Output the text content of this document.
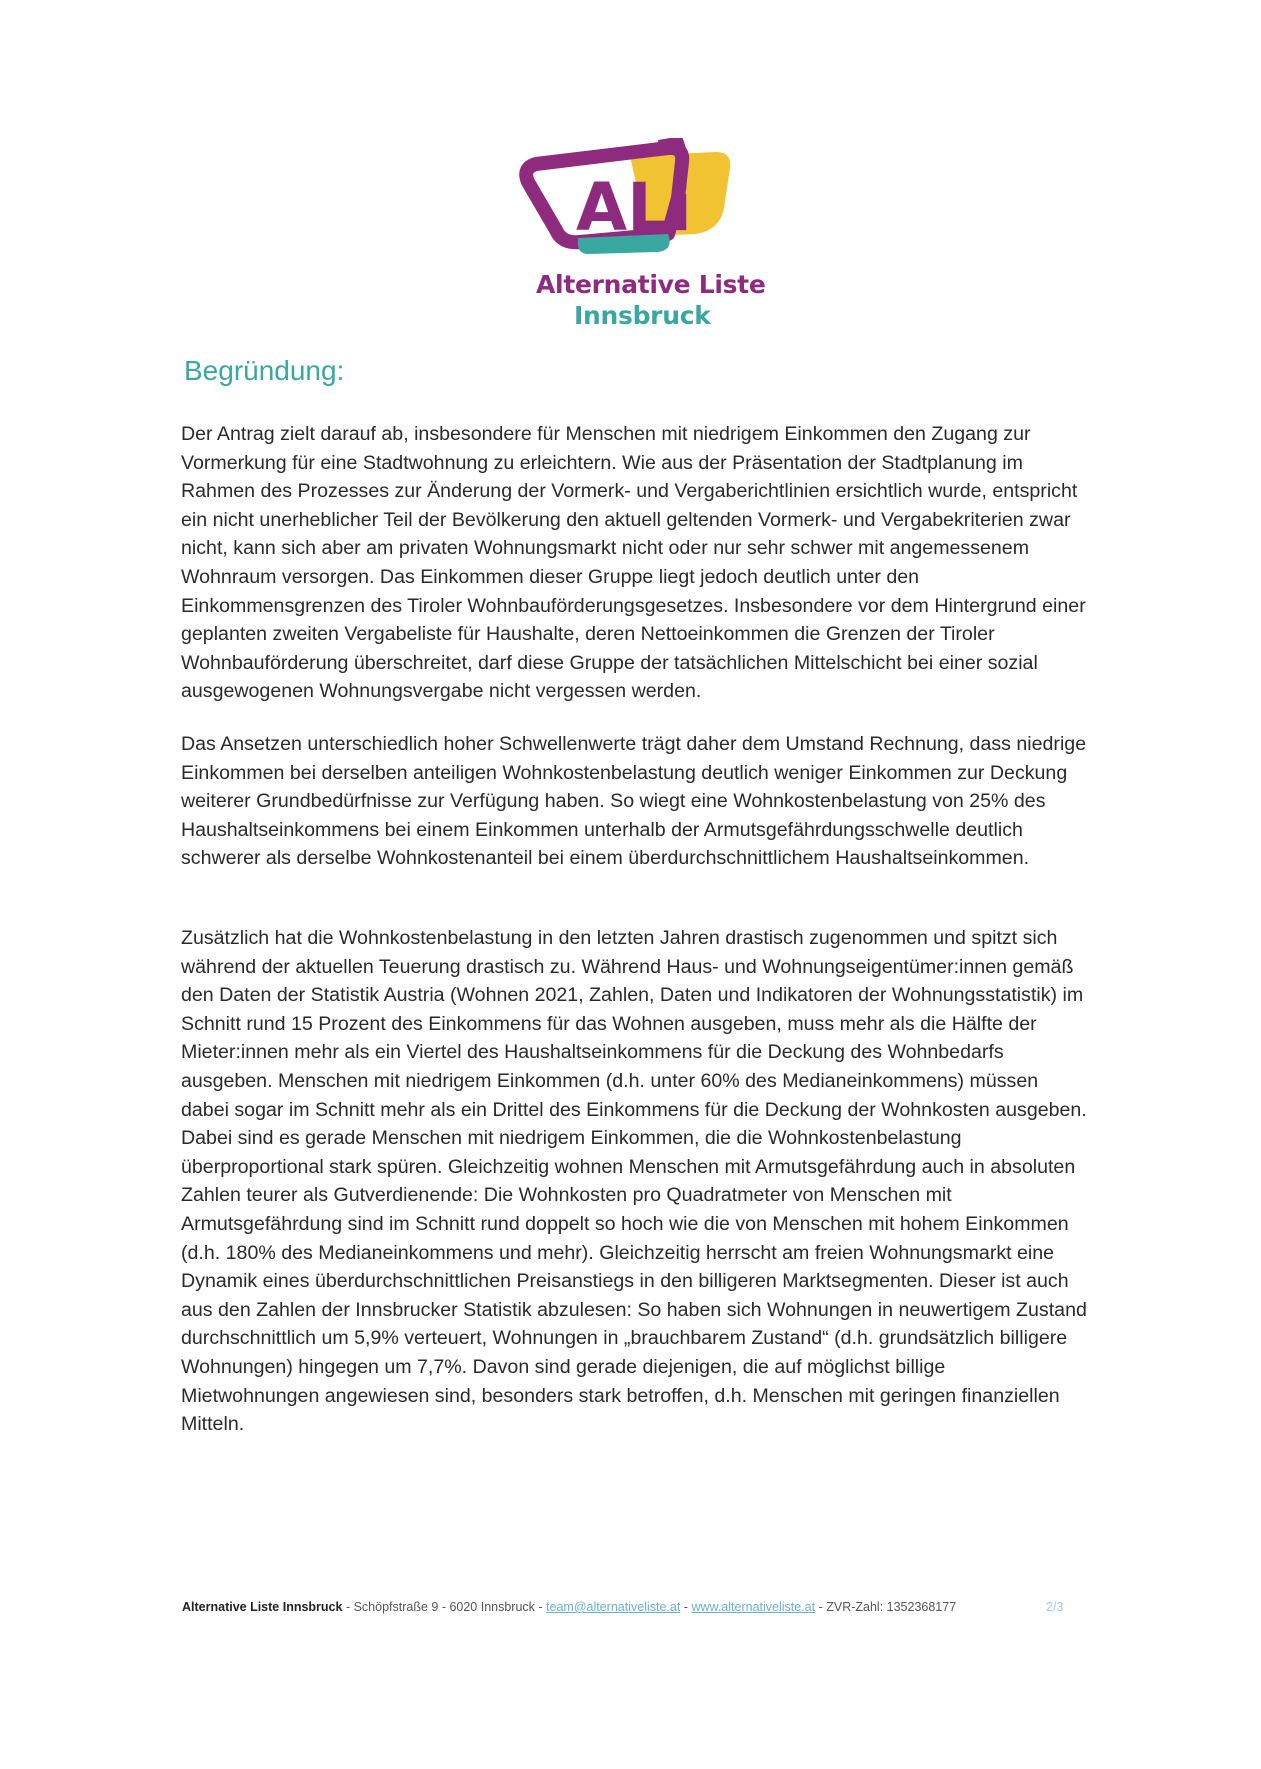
ALi
Alternative Liste
Innsbruck
Begründung:

Der Antrag zielt darauf ab, insbesondere für Menschen mit niedrigem Einkommen den Zugang zur Vormerkung für eine Stadtwohnung zu erleichtern. Wie aus der Präsentation der Stadtplanung im Rahmen des Prozesses zur Änderung der Vormerk- und Vergaberichtlinien ersichtlich wurde, entspricht ein nicht unerheblicher Teil der Bevölkerung den aktuell geltenden Vormerk- und Vergabekriterien zwar nicht, kann sich aber am privaten Wohnungsmarkt nicht oder nur sehr schwer mit angemessenem Wohnraum versorgen. Das Einkommen dieser Gruppe liegt jedoch deutlich unter den Einkommensgrenzen des Tiroler Wohnbauförderungsgesetzes. Insbesondere vor dem Hintergrund einer geplanten zweiten Vergabeliste für Haushalte, deren Nettoeinkommen die Grenzen der Tiroler Wohnbauförderung überschreitet, darf diese Gruppe der tatsächlichen Mittelschicht bei einer sozial ausgewogenen Wohnungsvergabe nicht vergessen werden.

Das Ansetzen unterschiedlich hoher Schwellenwerte trägt daher dem Umstand Rechnung, dass niedrige Einkommen bei derselben anteiligen Wohnkostenbelastung deutlich weniger Einkommen zur Deckung weiterer Grundbedürfnisse zur Verfügung haben. So wiegt eine Wohnkostenbelastung von 25% des Haushaltseinkommens bei einem Einkommen unterhalb der Armutsgefährdungsschwelle deutlich schwerer als derselbe Wohnkostenanteil bei einem überdurchschnittlichem Haushaltseinkommen.

Zusätzlich hat die Wohnkostenbelastung in den letzten Jahren drastisch zugenommen und spitzt sich während der aktuellen Teuerung drastisch zu. Während Haus- und Wohnungseigentümer:innen gemäß den Daten der Statistik Austria (Wohnen 2021, Zahlen, Daten und Indikatoren der Wohnungsstatistik) im Schnitt rund 15 Prozent des Einkommens für das Wohnen ausgeben, muss mehr als die Hälfte der Mieter:innen mehr als ein Viertel des Haushaltseinkommens für die Deckung des Wohnbedarfs ausgeben. Menschen mit niedrigem Einkommen (d.h. unter 60% des Medianeinkommens) müssen dabei sogar im Schnitt mehr als ein Drittel des Einkommens für die Deckung der Wohnkosten ausgeben. Dabei sind es gerade Menschen mit niedrigem Einkommen, die die Wohnkostenbelastung überproportional stark spüren. Gleichzeitig wohnen Menschen mit Armutsgefährdung auch in absoluten Zahlen teurer als Gutverdienende: Die Wohnkosten pro Quadratmeter von Menschen mit Armutsgefährdung sind im Schnitt rund doppelt so hoch wie die von Menschen mit hohem Einkommen (d.h. 180% des Medianeinkommens und mehr). Gleichzeitig herrscht am freien Wohnungsmarkt eine Dynamik eines überdurchschnittlichen Preisanstiegs in den billigeren Marktsegmenten. Dieser ist auch aus den Zahlen der Innsbrucker Statistik abzulesen: So haben sich Wohnungen in neuwertigem Zustand durchschnittlich um 5,9% verteuert, Wohnungen in „brauchbarem Zustand“ (d.h. grundsätzlich billigere Wohnungen) hingegen um 7,7%. Davon sind gerade diejenigen, die auf möglichst billige Mietwohnungen angewiesen sind, besonders stark betroffen, d.h. Menschen mit geringen finanziellen Mitteln.

Alternative Liste Innsbruck - Schöpfstraße 9 - 6020 Innsbruck - team@alternativeliste.at - www.alternativeliste.at - ZVR-Zahl: 1352368177	2/3
